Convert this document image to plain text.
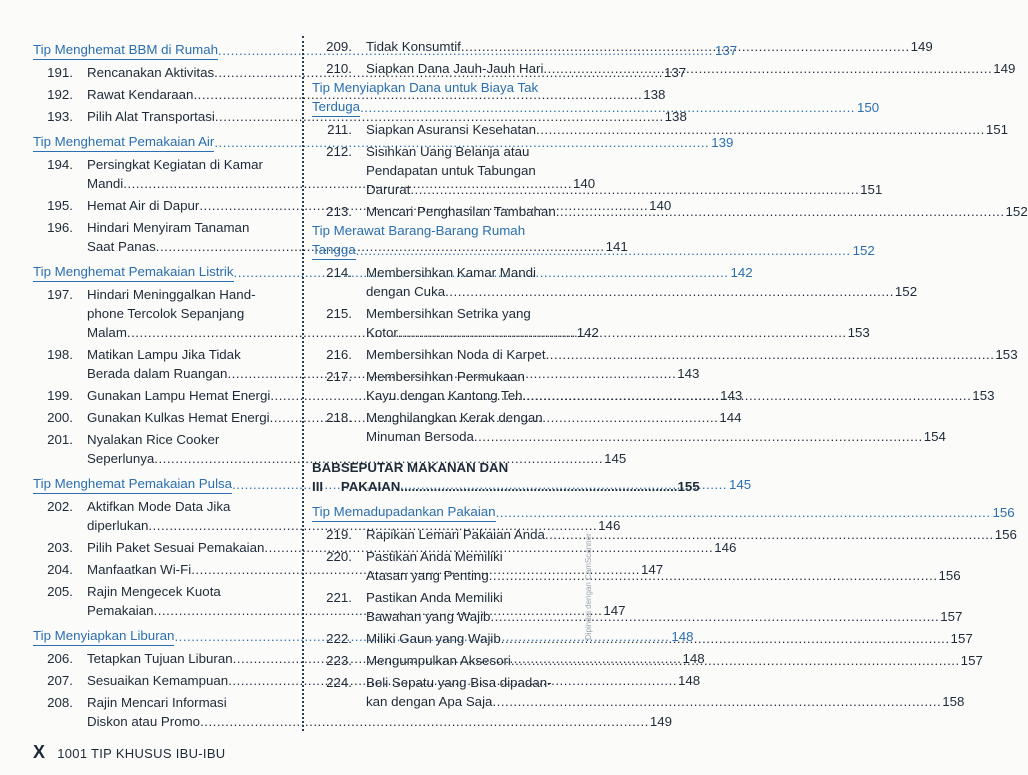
Tip Menghemat BBM di Rumah .....	137
191.	Rencanakan Aktivitas .....	137
192.	Rawat Kendaraan .....	138
193.	Pilih Alat Transportasi .....	138
Tip Menghemat Pemakaian Air .....	139
194.	Persingkat Kegiatan di Kamar
Mandi .....	140
195.	Hemat Air di Dapur .....	140
196.	Hindari Menyiram Tanaman
Saat Panas .....	141
Tip Menghemat Pemakaian Listrik .....	142
197.	Hindari Meninggalkan Hand-
phone Tercolok Sepanjang
Malam .....	142
198.	Matikan Lampu Jika Tidak
Berada dalam Ruangan .....	143
199.	Gunakan Lampu Hemat Energi .....	143
200.	Gunakan Kulkas Hemat Energi .....	144
201.	Nyalakan Rice Cooker
Seperlunya .....	145
Tip Menghemat Pemakaian Pulsa .....	145
202.	Aktifkan Mode Data Jika
diperlukan .....	146
203.	Pilih Paket Sesuai Pemakaian .....	146
204.	Manfaatkan Wi-Fi .....	147
205.	Rajin Mengecek Kuota
Pemakaian .....	147
Tip Menyiapkan Liburan .....	148
206.	Tetapkan Tujuan Liburan .....	148
207.	Sesuaikan Kemampuan .....	148
208.	Rajin Mencari Informasi
Diskon atau Promo .....	149
209.	Tidak Konsumtif .....	149
210.	Siapkan Dana Jauh-Jauh Hari .....	149
Tip Menyiapkan Dana untuk Biaya Tak
Terduga .....	150
211.	Siapkan Asuransi Kesehatan .....	151
212.	Sisihkan Uang Belanja atau
Pendapatan untuk Tabungan
Darurat .....	151
213.	Mencari Penghasilan Tambahan .....	152
Tip Merawat Barang-Barang Rumah
Tangga .....	152
214.	Membersihkan Kamar Mandi
dengan Cuka .....	152
215.	Membersihkan Setrika yang
Kotor .....	153
216.	Membersihkan Noda di Karpet .....	153
217.	Membersihkan Permukaan
Kayu dengan Kantong Teh .....	153
218.	Menghilangkan Kerak dengan
Minuman Bersoda .....	154
BAB III
SEPUTAR MAKANAN DAN
PAKAIAN .....	155
Tip Memadupadankan Pakaian .....	156
219.	Rapikan Lemari Pakaian Anda .....	156
220.	Pastikan Anda Memiliki
Atasan yang Penting .....	156
221.	Pastikan Anda Memiliki
Bawahan yang Wajib .....	157
222.	Miliki Gaun yang Wajib .....	157
223.	Mengumpulkan Aksesori .....	157
224.	Beli Sepatu yang Bisa dipadan-
kan dengan Apa Saja .....	158
X 1001 TIP KHUSUS IBU-IBU
Dipindai dengan CamScanner
